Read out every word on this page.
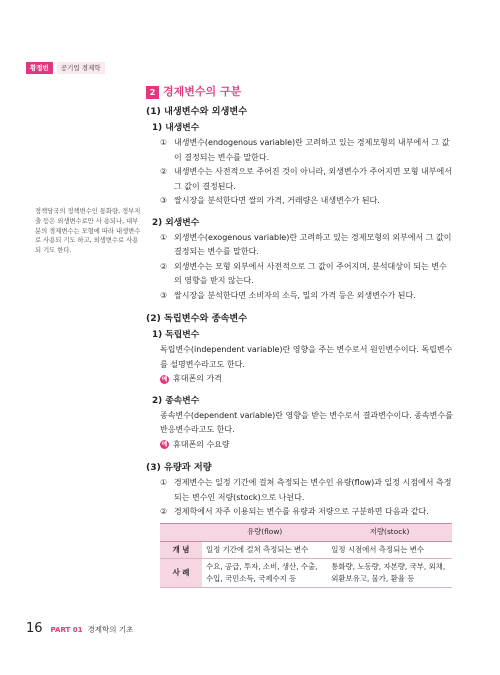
황정빈	공기업 경제학
정책당국의 정책변수인 통화량, 정부지출 등은 외생변수로만 사 용되나, 대부분의 경제변수는 모형에 따라 내생변수로 사용되 기도 하고, 외생변수로 사용되 기도 한다.
2 경제변수의 구분
(1) 내생변수와 외생변수
1) 내생변수
① 내생변수(endogenous variable)란 고려하고 있는 경제모형의 내부에서 그 값이 결정되는 변수를 말한다.
② 내생변수는 사전적으로 주어진 것이 아니라, 외생변수가 주어지면 모형 내부에서 그 값이 결정된다.
③ 쌀시장을 분석한다면 쌀의 가격, 거래량은 내생변수가 된다.
2) 외생변수
① 외생변수(exogenous variable)란 고려하고 있는 경제모형의 외부에서 그 값이 결정되는 변수를 말한다.
② 외생변수는 모형 외부에서 사전적으로 그 값이 주어지며, 분석대상이 되는 변수의 영향을 받지 않는다.
③ 쌀시장을 분석한다면 소비자의 소득, 밀의 가격 등은 외생변수가 된다.
(2) 독립변수와 종속변수
1) 독립변수
독립변수(independent variable)란 영향을 주는 변수로서 원인변수이다. 독립변수를 설명변수라고도 한다.
예 휴대폰의 가격
2) 종속변수
종속변수(dependent variable)란 영향을 받는 변수로서 결과변수이다. 종속변수를 반응변수라고도 한다.
예 휴대폰의 수요량
(3) 유량과 저량
① 경제변수는 일정 기간에 걸쳐 측정되는 변수인 유량(flow)과 일정 시점에서 측정되는 변수인 저량(stock)으로 나뉜다.
② 경제학에서 자주 이용되는 변수를 유량과 저량으로 구분하면 다음과 같다.
	유량(flow)	저량(stock)
개 념	일정 기간에 걸쳐 측정되는 변수	일정 시점에서 측정되는 변수
사 례	수요, 공급, 투자, 소비, 생산, 수출, 수입, 국민소득, 국제수지 등	통화량, 노동량, 자본량, 국부, 외채, 외환보유고, 물가, 환율 등
16 PART 01 경제학의 기초
